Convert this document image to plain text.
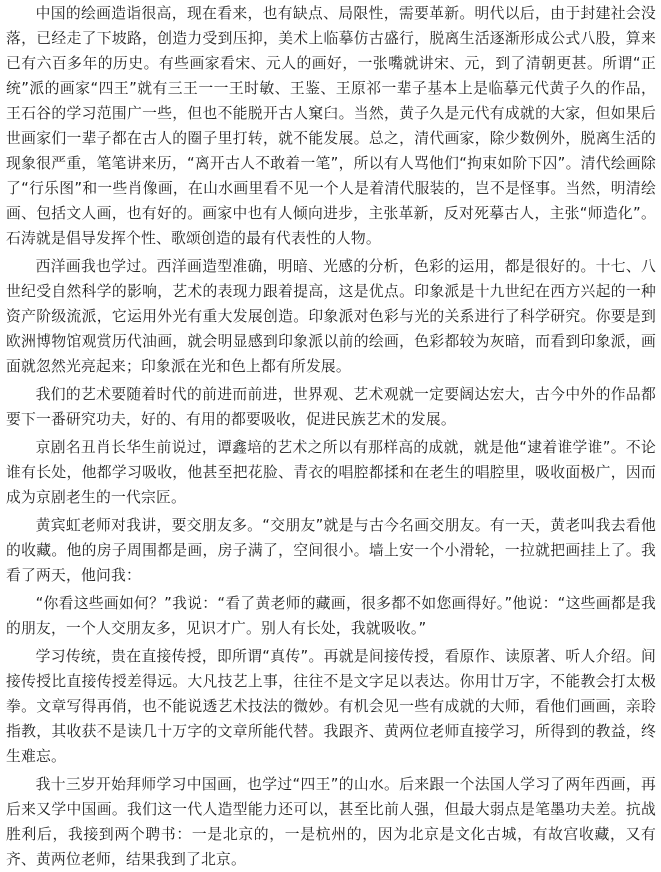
中国的绘画造诣很高，现在看来，也有缺点、局限性，需要革新。明代以后，由于封建社会没落，已经走了下坡路，创造力受到压抑，美术上临摹仿古盛行，脱离生活逐渐形成公式八股，算来已有六百多年的历史。有些画家看宋、元人的画好，一张嘴就讲宋、元，到了清朝更甚。所谓“正统”派的画家“四王”就有三王一一王时敏、王鉴、王原祁一辈子基本上是临摹元代黄子久的作品，王石谷的学习范围广一些，但也不能脱开古人窠臼。当然，黄子久是元代有成就的大家，但如果后世画家们一辈子都在古人的圈子里打转，就不能发展。总之，清代画家，除少数例外，脱离生活的现象很严重，笔笔讲来历，“离开古人不敢着一笔”，所以有人骂他们“拘束如阶下囚”。清代绘画除了“行乐图”和一些肖像画，在山水画里看不见一个人是着清代服装的，岂不是怪事。当然，明清绘画、包括文人画，也有好的。画家中也有人倾向进步，主张革新，反对死摹古人，主张“师造化”。石涛就是倡导发挥个性、歌颂创造的最有代表性的人物。

西洋画我也学过。西洋画造型准确，明暗、光感的分析，色彩的运用，都是很好的。十七、八世纪受自然科学的影响，艺术的表现力跟着提高，这是优点。印象派是十九世纪在西方兴起的一种资产阶级流派，它运用外光有重大发展创造。印象派对色彩与光的关系进行了科学研究。你要是到欧洲博物馆观赏历代油画，就会明显感到印象派以前的绘画，色彩都较为灰暗，而看到印象派，画面就忽然光亮起来；印象派在光和色上都有所发展。

我们的艺术要随着时代的前进而前进，世界观、艺术观就一定要阔达宏大，古今中外的作品都要下一番研究功夫，好的、有用的都要吸收，促进民族艺术的发展。

京剧名丑肖长华生前说过，谭鑫培的艺术之所以有那样高的成就，就是他“逮着谁学谁”。不论谁有长处，他都学习吸收，他甚至把花脸、青衣的唱腔都揉和在老生的唱腔里，吸收面极广，因而成为京剧老生的一代宗匠。

黄宾虹老师对我讲，要交朋友多。“交朋友”就是与古今名画交朋友。有一天，黄老叫我去看他的收藏。他的房子周围都是画，房子满了，空间很小。墙上安一个小滑轮，一拉就把画挂上了。我看了两天，他问我：

“你看这些画如何？”我说：“看了黄老师的藏画，很多都不如您画得好。”他说：“这些画都是我的朋友，一个人交朋友多，见识才广。别人有长处，我就吸收。”

学习传统，贵在直接传授，即所谓“真传”。再就是间接传授，看原作、读原著、听人介绍。间接传授比直接传授差得远。大凡技艺上事，往往不是文字足以表达。你用廿万字，不能教会打太极拳。文章写得再俏，也不能说透艺术技法的微妙。有机会见一些有成就的大师，看他们画画，亲聆指教，其收获不是读几十万字的文章所能代替。我跟齐、黄两位老师直接学习，所得到的教益，终生难忘。

我十三岁开始拜师学习中国画，也学过“四王”的山水。后来跟一个法国人学习了两年西画，再后来又学中国画。我们这一代人造型能力还可以，甚至比前人强，但最大弱点是笔墨功夫差。抗战胜利后，我接到两个聘书：一是北京的，一是杭州的，因为北京是文化古城，有故宫收藏，又有齐、黄两位老师，结果我到了北京。
